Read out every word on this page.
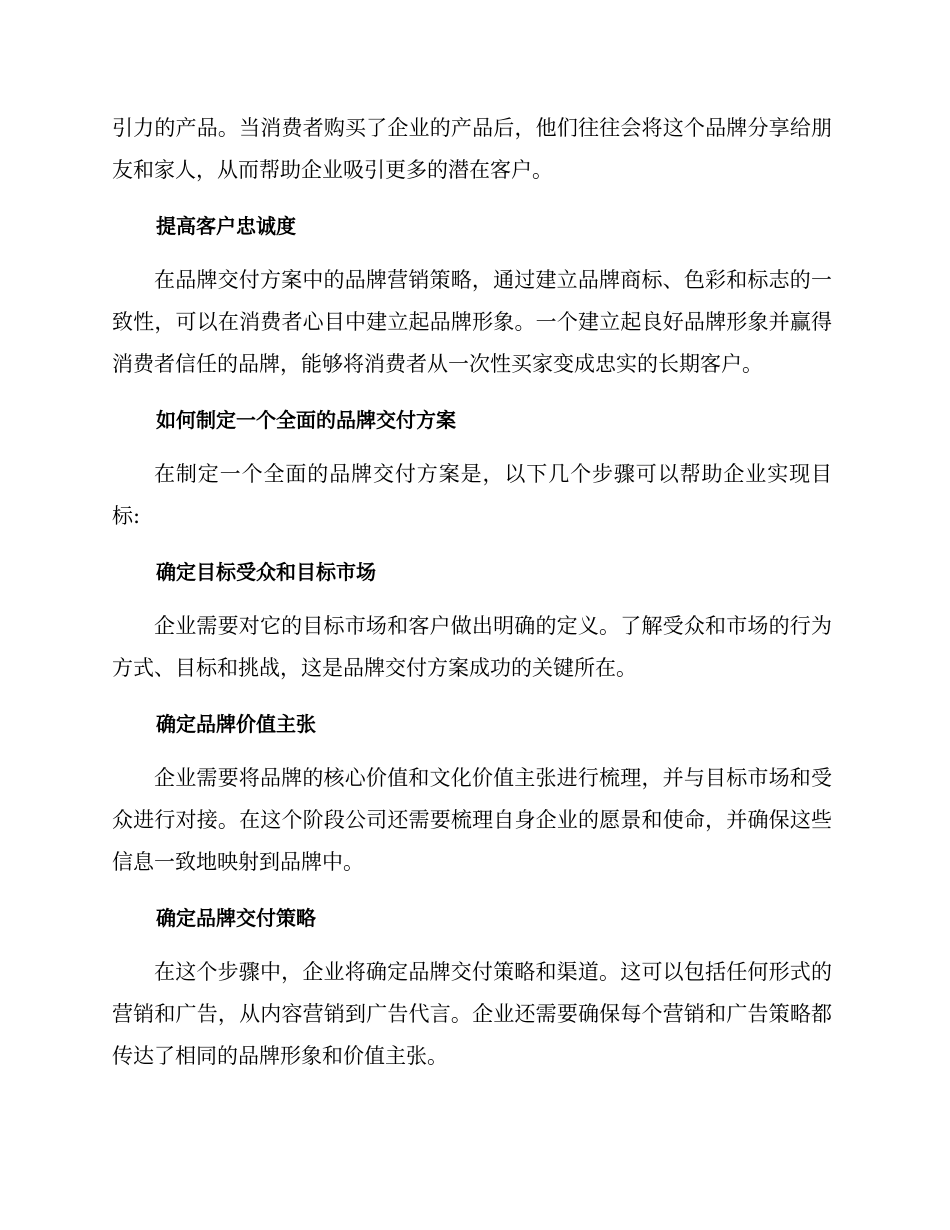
引力的产品。当消费者购买了企业的产品后，他们往往会将这个品牌分享给朋友和家人，从而帮助企业吸引更多的潜在客户。

提高客户忠诚度

在品牌交付方案中的品牌营销策略，通过建立品牌商标、色彩和标志的一致性，可以在消费者心目中建立起品牌形象。一个建立起良好品牌形象并赢得消费者信任的品牌，能够将消费者从一次性买家变成忠实的长期客户。

如何制定一个全面的品牌交付方案

在制定一个全面的品牌交付方案是，以下几个步骤可以帮助企业实现目标:

确定目标受众和目标市场

企业需要对它的目标市场和客户做出明确的定义。了解受众和市场的行为方式、目标和挑战，这是品牌交付方案成功的关键所在。

确定品牌价值主张

企业需要将品牌的核心价值和文化价值主张进行梳理，并与目标市场和受众进行对接。在这个阶段公司还需要梳理自身企业的愿景和使命，并确保这些信息一致地映射到品牌中。

确定品牌交付策略

在这个步骤中，企业将确定品牌交付策略和渠道。这可以包括任何形式的营销和广告，从内容营销到广告代言。企业还需要确保每个营销和广告策略都传达了相同的品牌形象和价值主张。
